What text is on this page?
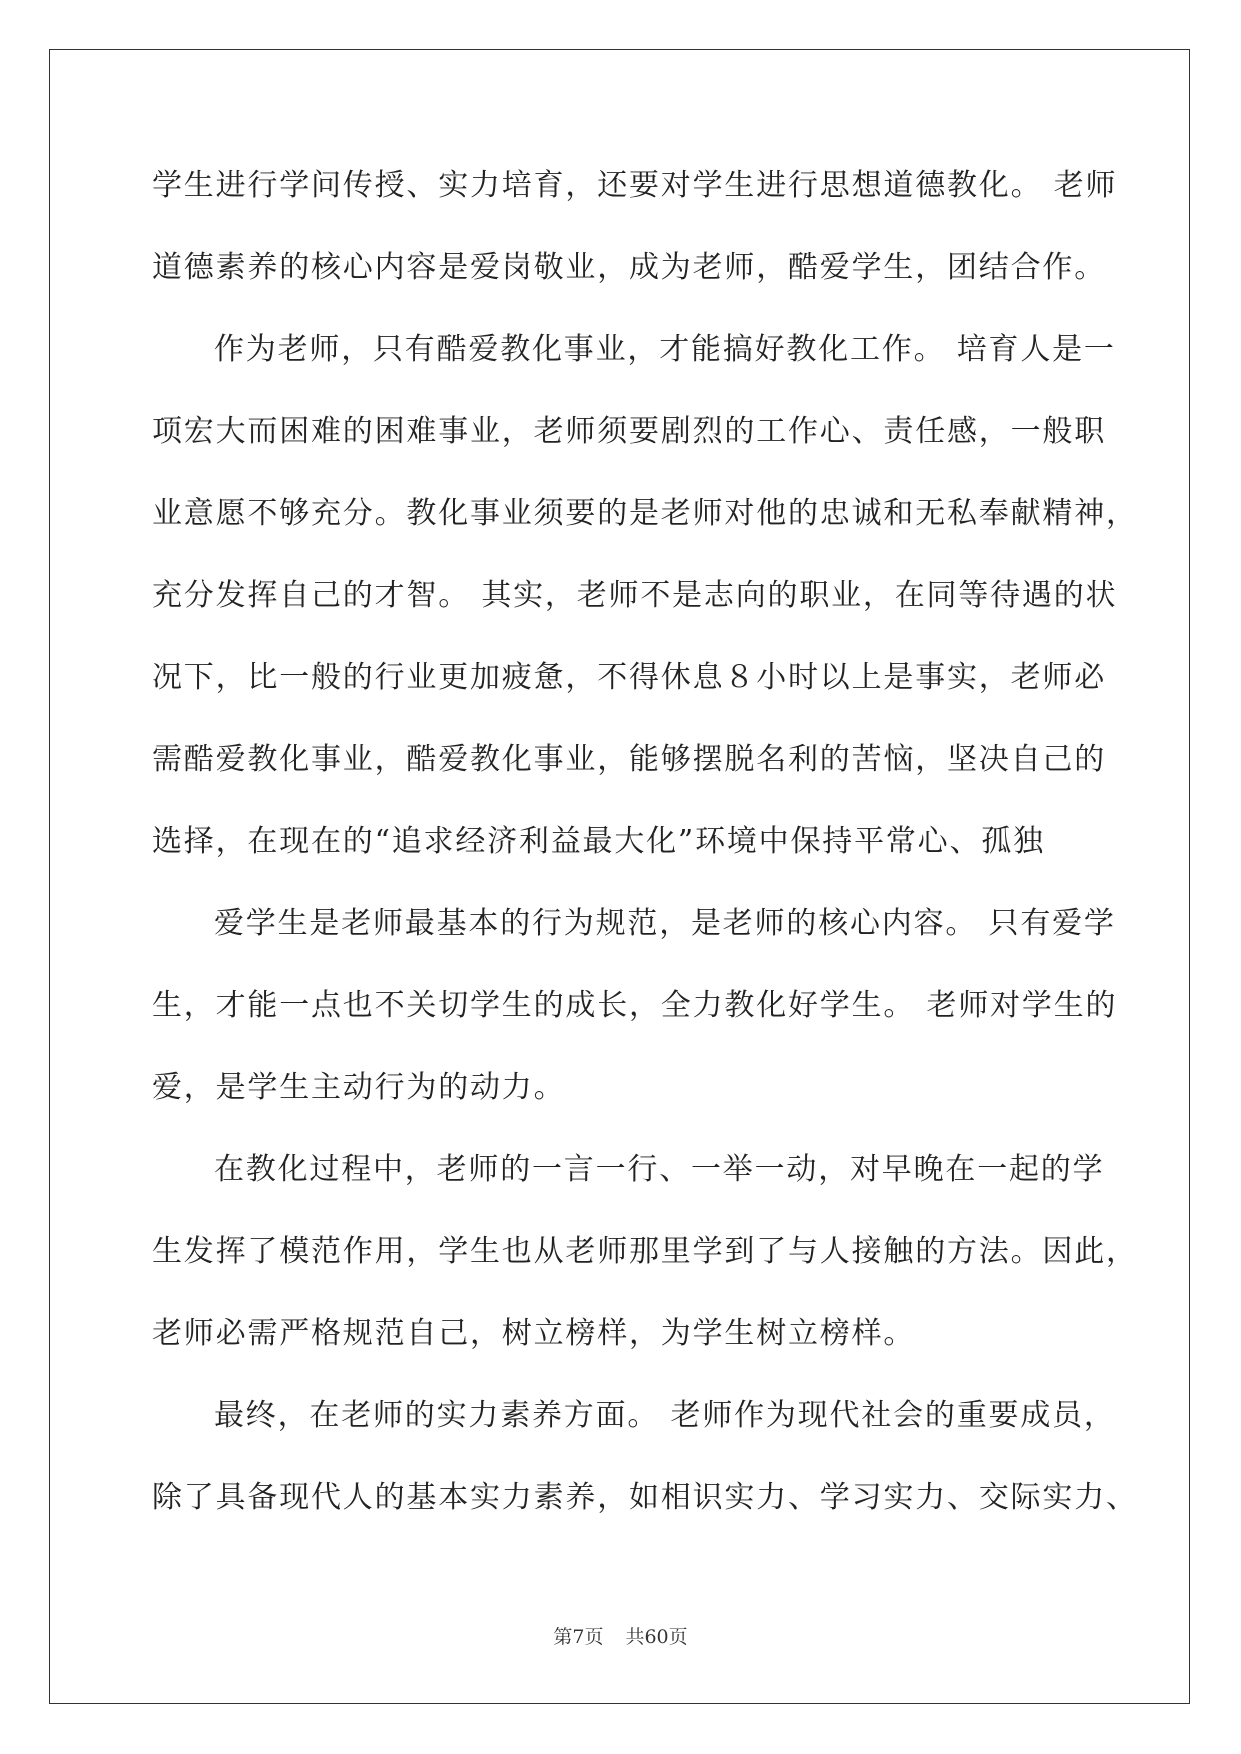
学生进行学问传授、实力培育，还要对学生进行思想道德教化。 老师
道德素养的核心内容是爱岗敬业，成为老师，酷爱学生，团结合作。
作为老师，只有酷爱教化事业，才能搞好教化工作。 培育人是一
项宏大而困难的困难事业，老师须要剧烈的工作心、责任感，一般职
业意愿不够充分。教化事业须要的是老师对他的忠诚和无私奉献精神，
充分发挥自己的才智。 其实，老师不是志向的职业，在同等待遇的状
况下，比一般的行业更加疲惫，不得休息８小时以上是事实，老师必
需酷爱教化事业，酷爱教化事业，能够摆脱名利的苦恼，坚决自己的
选择，在现在的“追求经济利益最大化”环境中保持平常心、孤独
爱学生是老师最基本的行为规范，是老师的核心内容。 只有爱学
生，才能一点也不关切学生的成长，全力教化好学生。 老师对学生的
爱，是学生主动行为的动力。
在教化过程中，老师的一言一行、一举一动，对早晚在一起的学
生发挥了模范作用，学生也从老师那里学到了与人接触的方法。因此，
老师必需严格规范自己，树立榜样，为学生树立榜样。
最终，在老师的实力素养方面。 老师作为现代社会的重要成员，
除了具备现代人的基本实力素养，如相识实力、学习实力、交际实力、
第7页 共60页
